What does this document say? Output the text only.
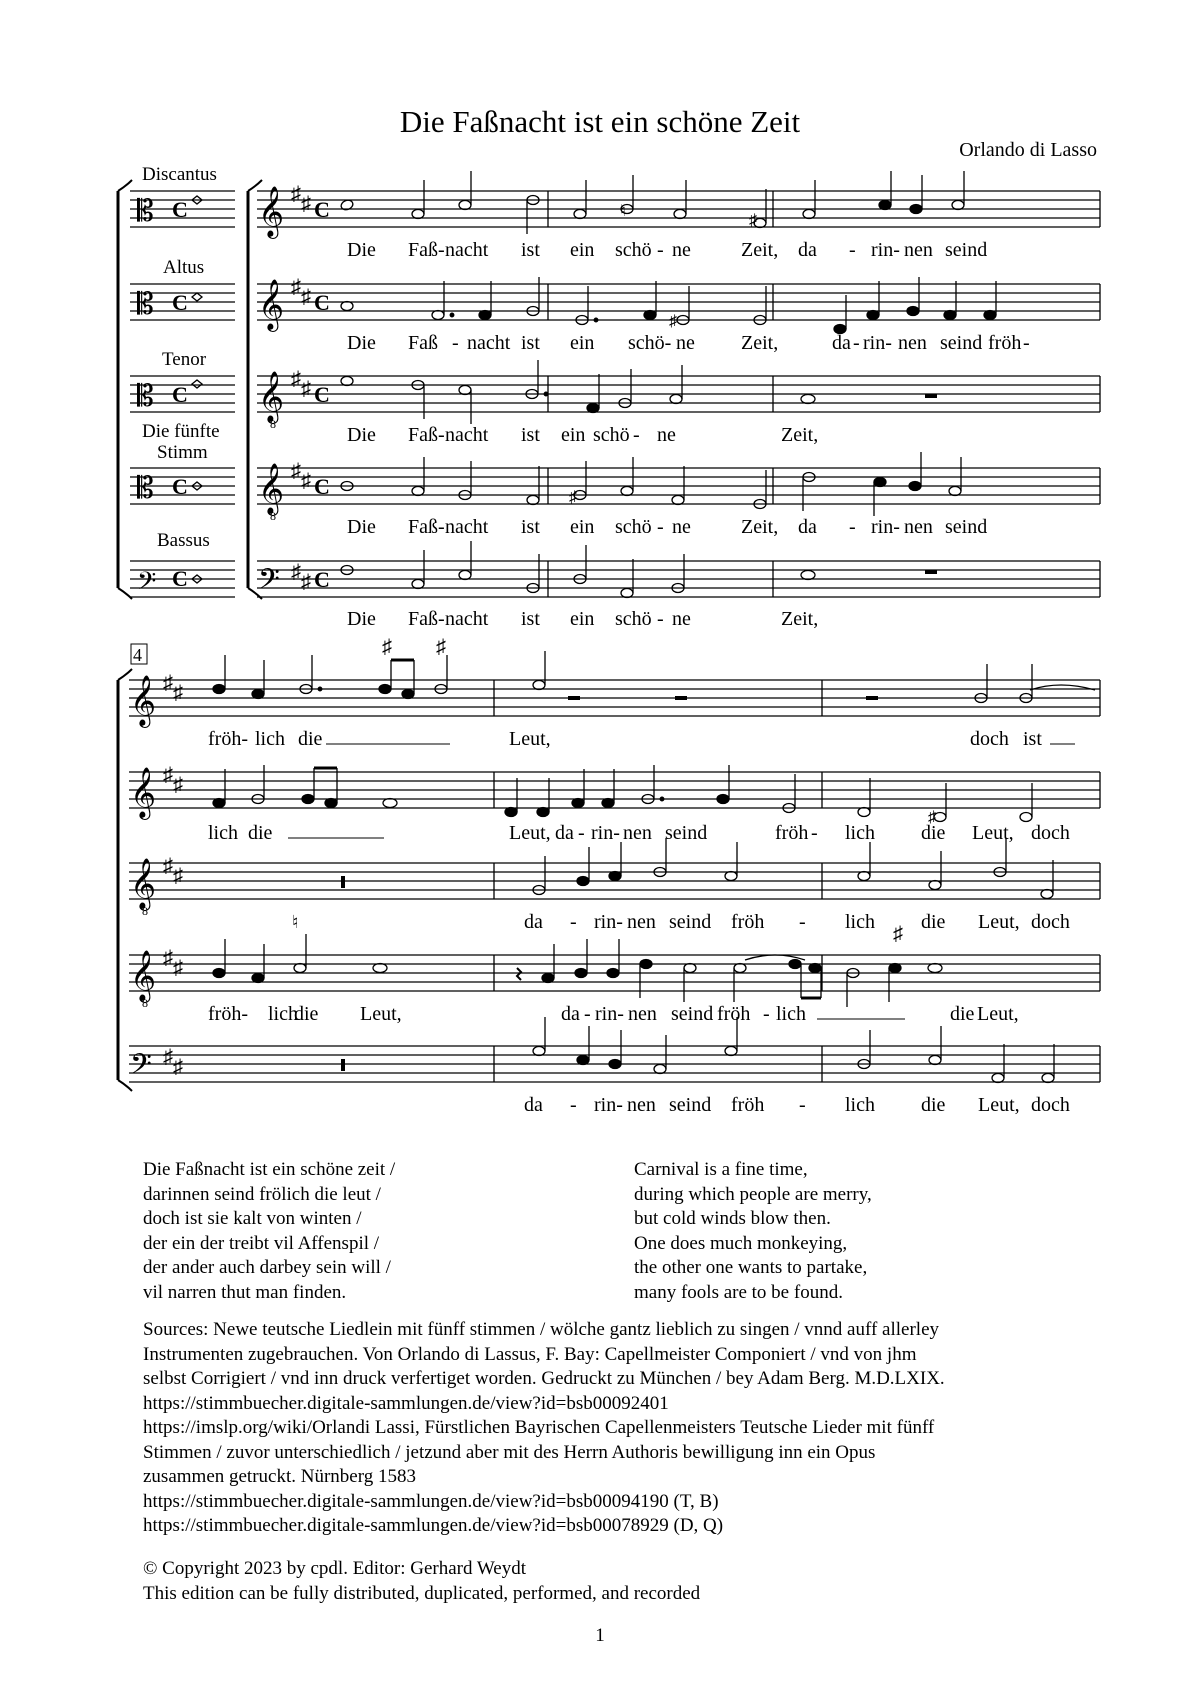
Die Faßnacht ist ein schöne Zeit
Orlando di Lasso
𝄡
𝄡
𝄡
𝄡
𝄢
C
C
C
C
C
Discantus
Altus
Tenor
Die fünfte
Stimm
Bassus
𝄞
𝄞
𝄞
𝄞
𝄢
8
8
♯ ♯
♯ ♯
♯ ♯
♯ ♯
♯ ♯
C
C
C
C
C
♮
♯
♯
♯
Die Faß- nacht ist ein schö - ne	Zeit, da - rin- nen seind
Die Faß - nacht ist ein schö- ne Zeit,	da - rin- nen seind fröh -
Die Faß- nacht ist ein schö - ne	Zeit,
Die Faß- nacht ist ein schö - ne	Zeit, da - rin- nen seind
Die Faß- nacht ist ein schö - ne	Zeit,
4
𝄞
𝄞
𝄞
𝄞
𝄢
8
8
♯ ♯
♯ ♯
♯ ♯
♯ ♯
♯ ♯
♯ ♯
♯
♮
♯
fröh- lich die	Leut,	doch ist
lich die	Leut, da - rin- nen seind	fröh - lich die Leut, doch
da - rin- nen seind fröh - lich die Leut, doch
fröh- lich
die Leut,	da - rin- nen seind fröh - lich	die Leut,
da - rin- nen seind fröh - lich die Leut, doch
Die Faßnacht ist ein schöne zeit /
darinnen seind frölich die leut /
doch ist sie kalt von winten /
der ein der treibt vil Affenspil /
der ander auch darbey sein will /
vil narren thut man finden.
Carnival is a fine time,
during which people are merry,
but cold winds blow then.
One does much monkeying,
the other one wants to partake,
many fools are to be found.
Sources: Newe teutsche Liedlein mit fünff stimmen / wölche gantz lieblich zu singen / vnnd auff allerley
Instrumenten zugebrauchen. Von Orlando di Lassus, F. Bay: Capellmeister Componiert / vnd von jhm
selbst Corrigiert / vnd inn druck verfertiget worden. Gedruckt zu München / bey Adam Berg. M.D.LXIX.
https://stimmbuecher.digitale-sammlungen.de/view?id=bsb00092401
https://imslp.org/wiki/Orlandi Lassi, Fürstlichen Bayrischen Capellenmeisters Teutsche Lieder mit fünff
Stimmen / zuvor unterschiedlich / jetzund aber mit des Herrn Authoris bewilligung inn ein Opus
zusammen getruckt. Nürnberg 1583
https://stimmbuecher.digitale-sammlungen.de/view?id=bsb00094190 (T, B)
https://stimmbuecher.digitale-sammlungen.de/view?id=bsb00078929 (D, Q)
© Copyright 2023 by cpdl. Editor: Gerhard Weydt
This edition can be fully distributed, duplicated, performed, and recorded
1
